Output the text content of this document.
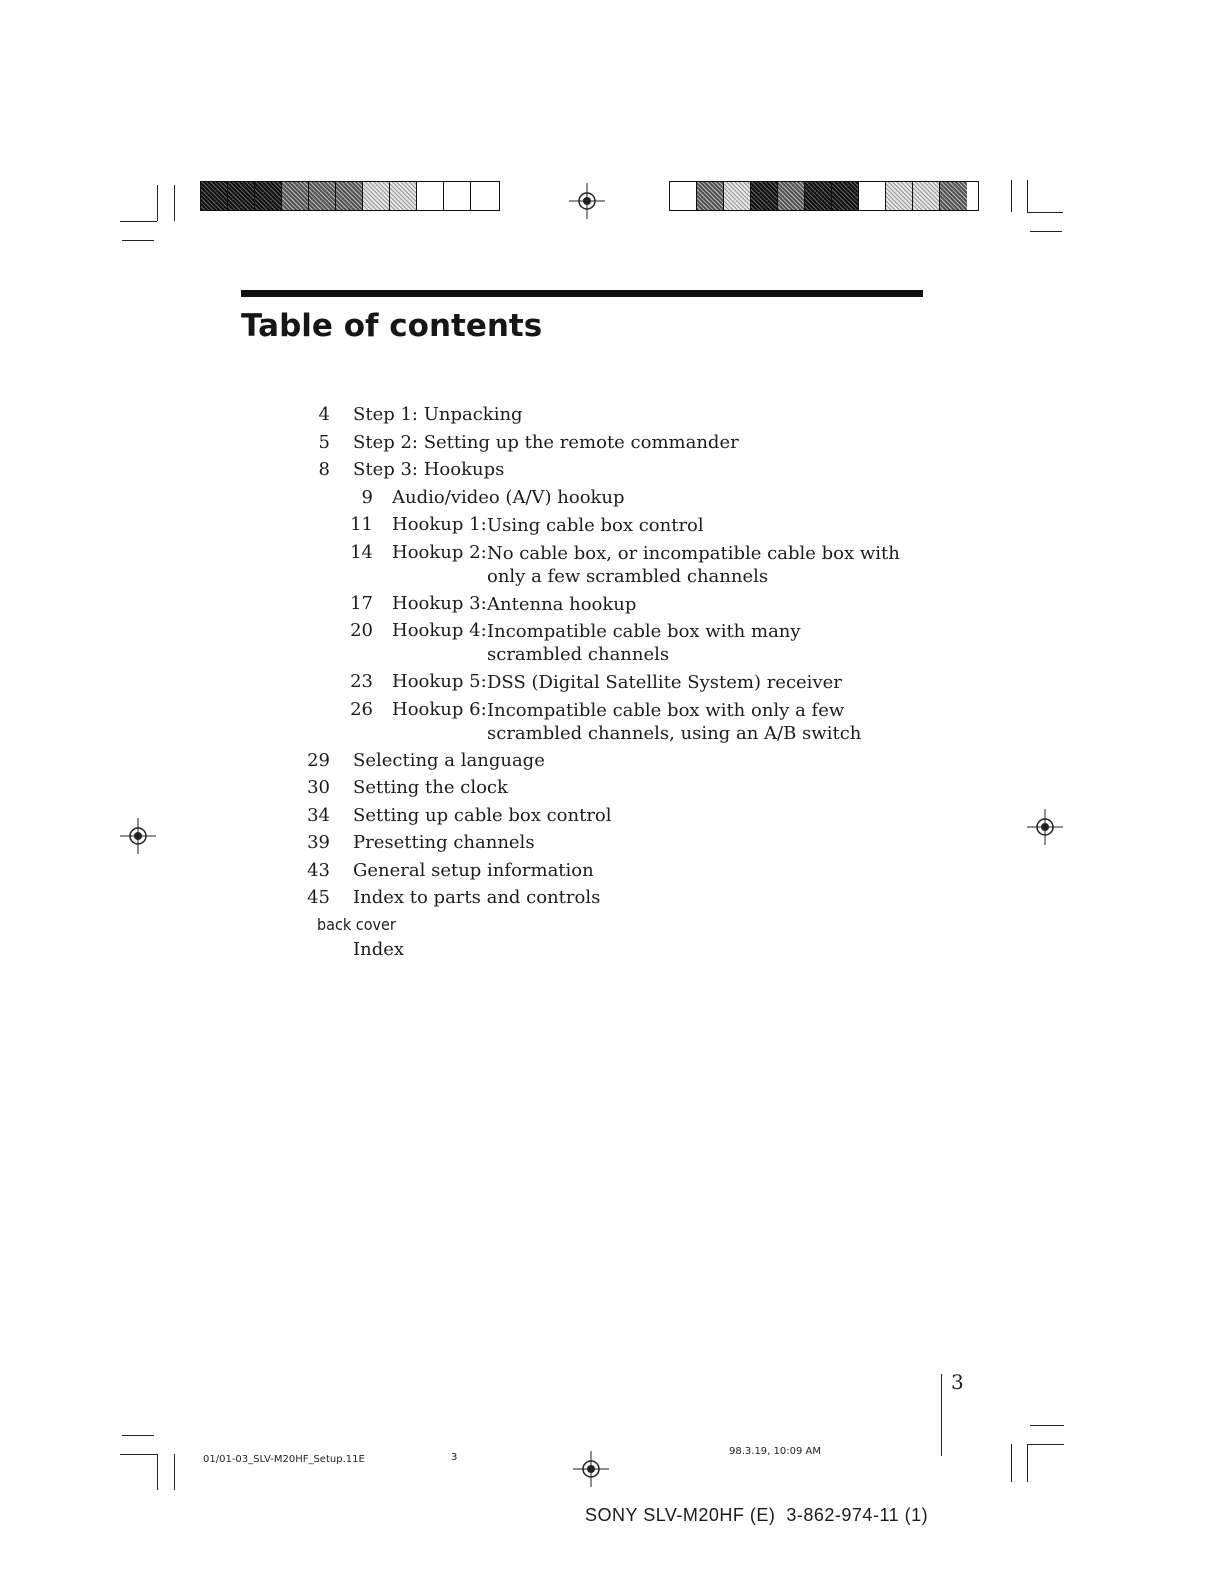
Table of contents
4 Step 1: Unpacking
5 Step 2: Setting up the remote commander
8 Step 3: Hookups
9 Audio/video (A/V) hookup
11 Hookup 1: Using cable box control
14 Hookup 2: No cable box, or incompatible cable box with only a few scrambled channels
17 Hookup 3: Antenna hookup
20 Hookup 4: Incompatible cable box with many scrambled channels
23 Hookup 5: DSS (Digital Satellite System) receiver
26 Hookup 6: Incompatible cable box with only a few scrambled channels, using an A/B switch
29 Selecting a language
30 Setting the clock
34 Setting up cable box control
39 Presetting channels
43 General setup information
45 Index to parts and controls
back cover
Index
3
01/01-03_SLV-M20HF_Setup.11E	3
98.3.19, 10:09 AM
SONY SLV-M20HF (E)  3-862-974-11 (1)
